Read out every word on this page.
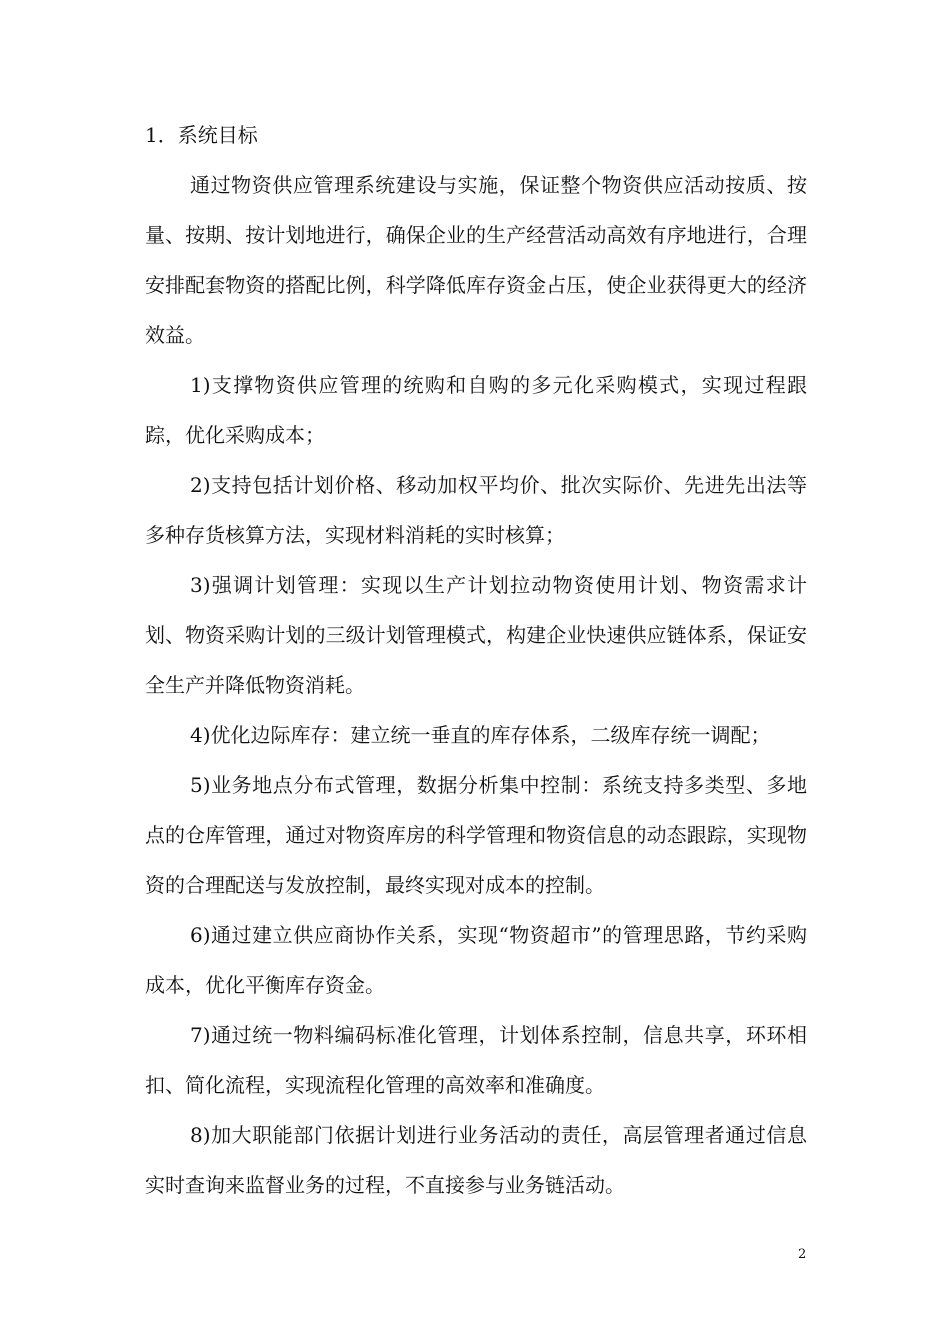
1．系统目标

通过物资供应管理系统建设与实施，保证整个物资供应活动按质、按量、按期、按计划地进行，确保企业的生产经营活动高效有序地进行，合理安排配套物资的搭配比例，科学降低库存资金占压，使企业获得更大的经济效益。

1)支撑物资供应管理的统购和自购的多元化采购模式，实现过程跟踪，优化采购成本；

2)支持包括计划价格、移动加权平均价、批次实际价、先进先出法等多种存货核算方法，实现材料消耗的实时核算；

3)强调计划管理：实现以生产计划拉动物资使用计划、物资需求计划、物资采购计划的三级计划管理模式，构建企业快速供应链体系，保证安全生产并降低物资消耗。

4)优化边际库存：建立统一垂直的库存体系，二级库存统一调配；

5)业务地点分布式管理，数据分析集中控制：系统支持多类型、多地点的仓库管理，通过对物资库房的科学管理和物资信息的动态跟踪，实现物资的合理配送与发放控制，最终实现对成本的控制。

6)通过建立供应商协作关系，实现“物资超市”的管理思路，节约采购成本，优化平衡库存资金。

7)通过统一物料编码标准化管理，计划体系控制，信息共享，环环相扣、简化流程，实现流程化管理的高效率和准确度。

8)加大职能部门依据计划进行业务活动的责任，高层管理者通过信息实时查询来监督业务的过程，不直接参与业务链活动。

2
